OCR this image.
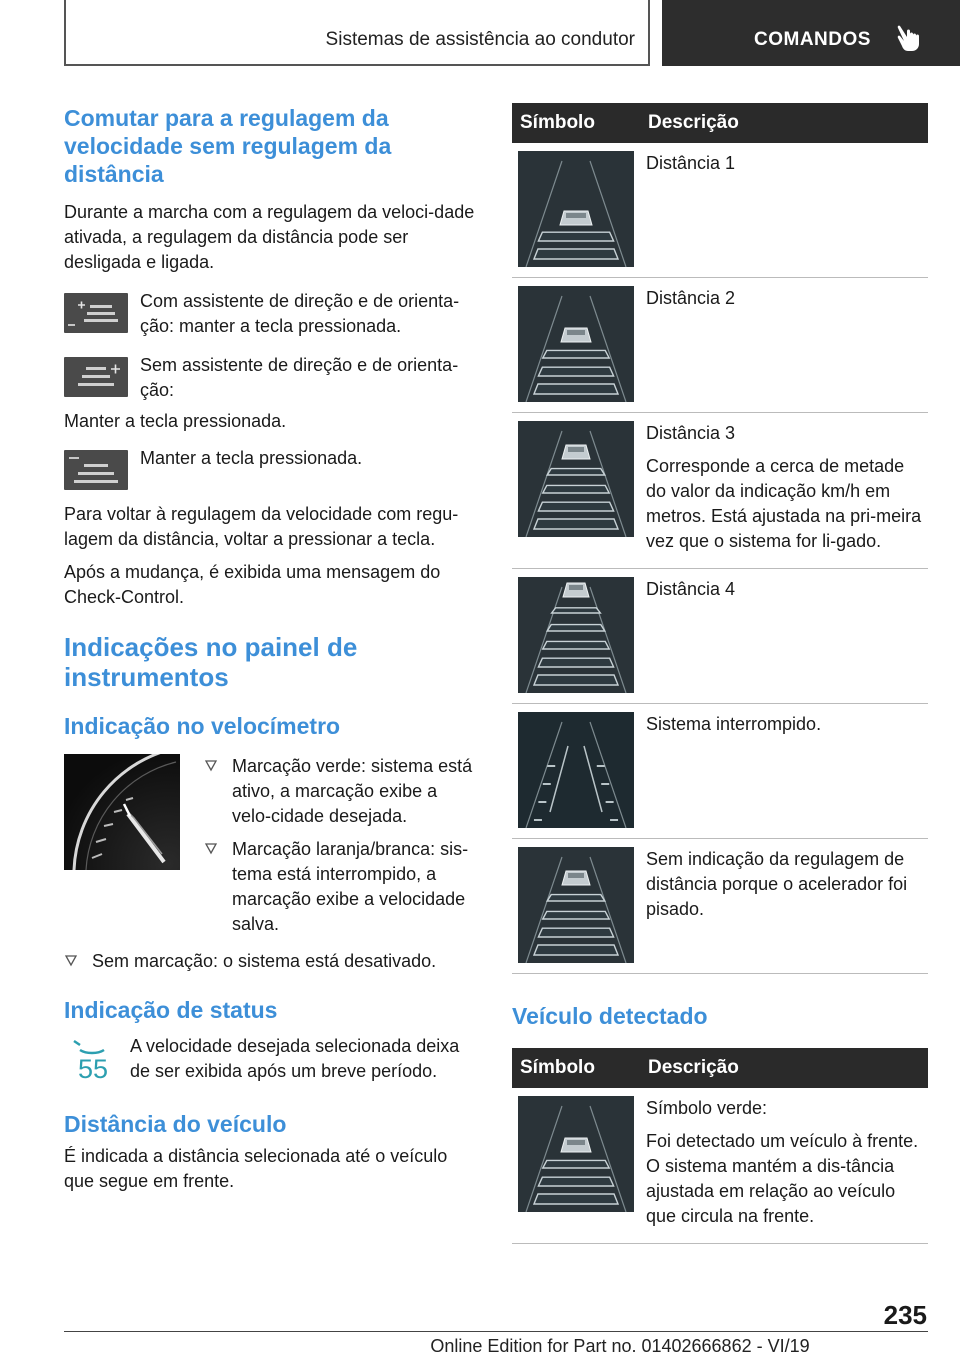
Sistemas de assistência ao condutor	COMANDOS
Comutar para a regulagem da velocidade sem regulagem da distância

Durante a marcha com a regulagem da veloci-dade ativada, a regulagem da distância pode ser desligada e ligada.

Com assistente de direção e de orienta-ção: manter a tecla pressionada.

Sem assistente de direção e de orienta-ção:

Manter a tecla pressionada.

Manter a tecla pressionada.

Para voltar à regulagem da velocidade com regu-lagem da distância, voltar a pressionar a tecla.

Após a mudança, é exibida uma mensagem do Check-Control.

Indicações no painel de instrumentos
Indicação no velocímetro
Marcação verde: sistema está ativo, a marcação exibe a velo-cidade desejada.
Marcação laranja/branca: sis-tema está interrompido, a marcação exibe a velocidade salva.
Sem marcação: o sistema está desativado.
Indicação de status
55

A velocidade desejada selecionada deixa de ser exibida após um breve período.

Distância do veículo

É indicada a distância selecionada até o veículo que segue em frente.

Símbolo	Descrição

Distância 1

Distância 2

Distância 3

Corresponde a cerca de metade do valor da indicação km/h em metros. Está ajustada na pri-meira vez que o sistema for li-gado.

Distância 4

Sistema interrompido.

Sem indicação da regulagem de distância porque o acelerador foi pisado.

Veículo detectado
Símbolo	Descrição

Símbolo verde:

Foi detectado um veículo à frente. O sistema mantém a dis-tância ajustada em relação ao veículo que circula na frente.

235
Online Edition for Part no. 01402666862 - VI/19
